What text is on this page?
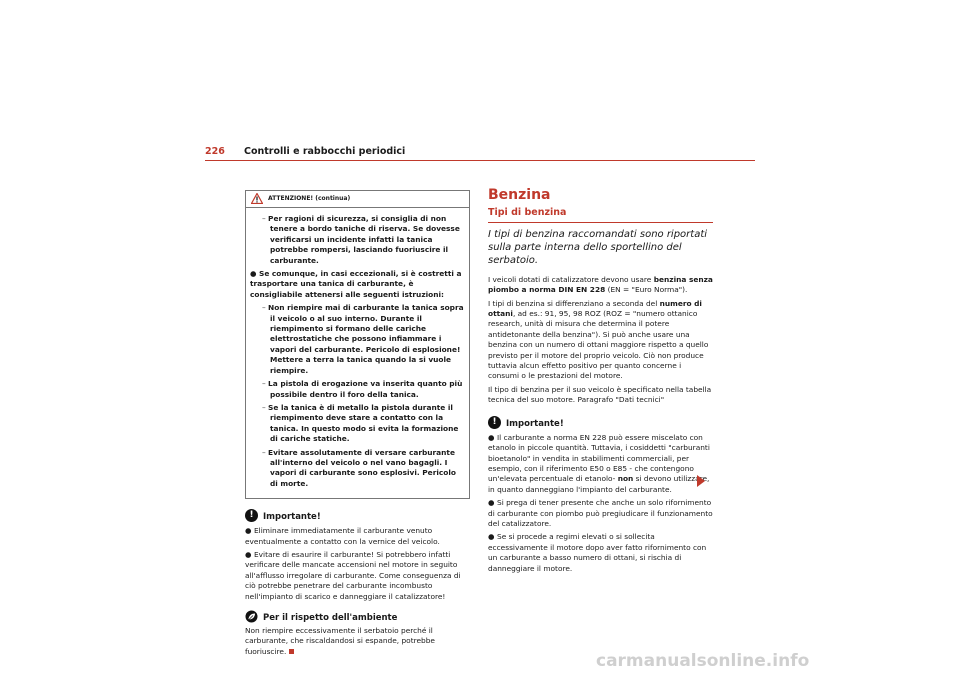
226 Controlli e rabbocchi periodici
ATTENZIONE! (continua)
– Per ragioni di sicurezza, si consiglia di non tenere a bordo taniche di riserva. Se dovesse verificarsi un incidente infatti la tanica potrebbe rompersi, lasciando fuoriuscire il carburante.
● Se comunque, in casi eccezionali, si è costretti a trasportare una tanica di carburante, è consigliabile attenersi alle seguenti istruzioni:
– Non riempire mai di carburante la tanica sopra il veicolo o al suo interno. Durante il riempimento si formano delle cariche elettrostatiche che possono infiammare i vapori del carburante. Pericolo di esplosione! Mettere a terra la tanica quando la si vuole riempire.
– La pistola di erogazione va inserita quanto più possibile dentro il foro della tanica.
– Se la tanica è di metallo la pistola durante il riempimento deve stare a contatto con la tanica. In questo modo si evita la formazione di cariche statiche.
– Evitare assolutamente di versare carburante all'interno del veicolo o nel vano bagagli. I vapori di carburante sono esplosivi. Pericolo di morte.
!	Importante!
● Eliminare immediatamente il carburante venuto eventualmente a contatto con la vernice del veicolo.
● Evitare di esaurire il carburante! Si potrebbero infatti verificare delle mancate accensioni nel motore in seguito all'afflusso irregolare di carburante. Come conseguenza di ciò potrebbe penetrare del carburante incombusto nell'impianto di scarico e danneggiare il catalizzatore!
Per il rispetto dell'ambiente
Non riempire eccessivamente il serbatoio perché il carburante, che riscaldandosi si espande, potrebbe fuoriuscire.
Benzina
Tipi di benzina
I tipi di benzina raccomandati sono riportati sulla parte interna dello sportellino del serbatoio.
I veicoli dotati di catalizzatore devono usare benzina senza piombo a norma DIN EN 228 (EN = "Euro Norma").
I tipi di benzina si differenziano a seconda del numero di ottani, ad es.: 91, 95, 98 ROZ (ROZ = "numero ottanico research, unità di misura che determina il potere antidetonante della benzina"). Si può anche usare una benzina con un numero di ottani maggiore rispetto a quello previsto per il motore del proprio veicolo. Ciò non produce tuttavia alcun effetto positivo per quanto concerne i consumi o le prestazioni del motore.
Il tipo di benzina per il suo veicolo è specificato nella tabella tecnica del suo motore. Paragrafo "Dati tecnici"
!	Importante!
● Il carburante a norma EN 228 può essere miscelato con etanolo in piccole quantità. Tuttavia, i cosiddetti "carburanti bioetanolo" in vendita in stabilimenti commerciali, per esempio, con il riferimento E50 o E85 - che contengono un'elevata percentuale di etanolo- non si devono utilizzare, in quanto danneggiano l'impianto del carburante.
● Si prega di tener presente che anche un solo rifornimento di carburante con piombo può pregiudicare il funzionamento del catalizzatore.
● Se si procede a regimi elevati o si sollecita eccessivamente il motore dopo aver fatto rifornimento con un carburante a basso numero di ottani, si rischia di danneggiare il motore.
carmanualsonline.info
